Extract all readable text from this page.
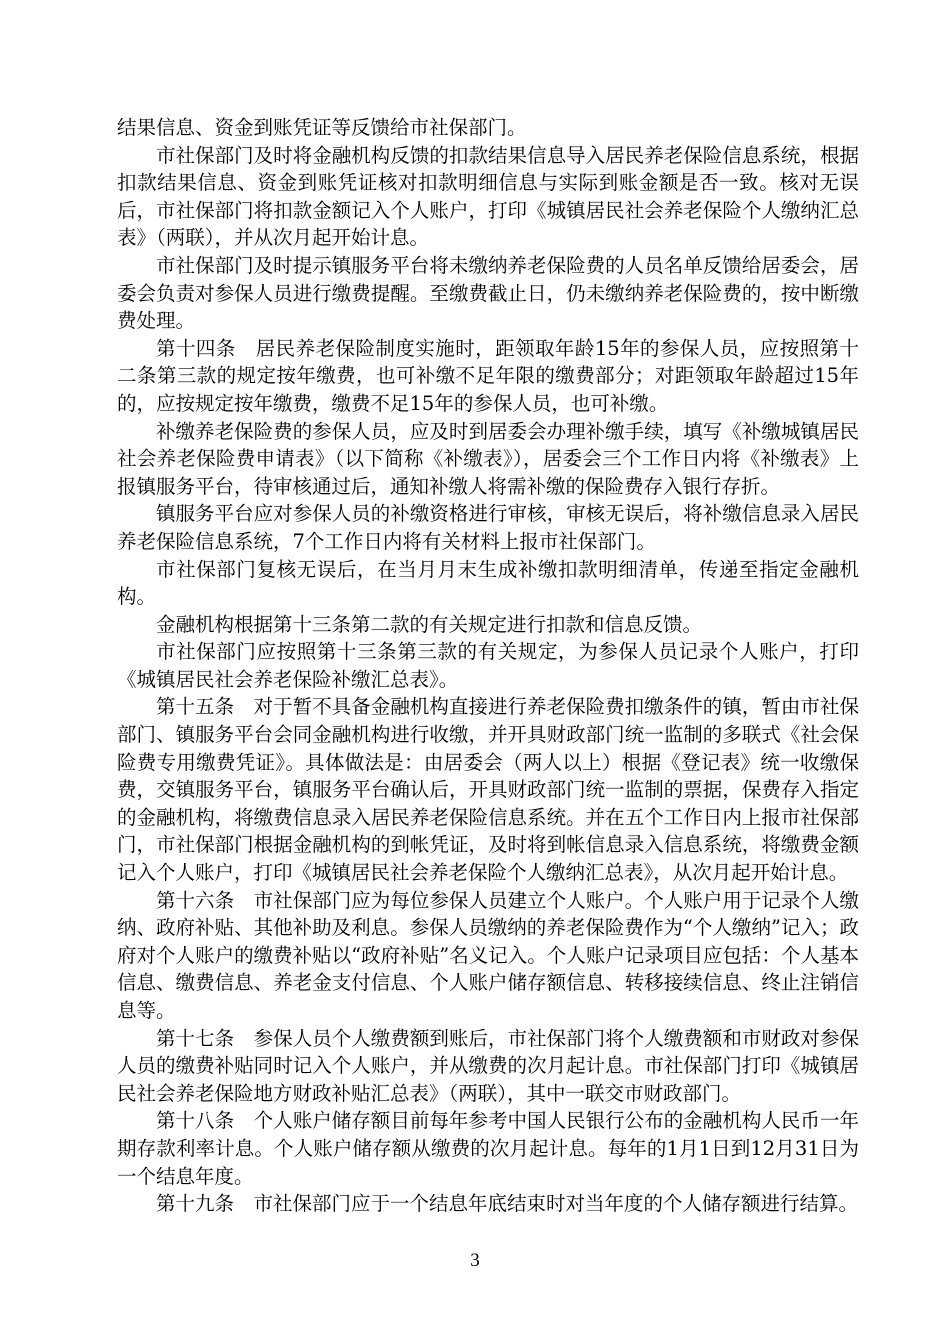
结果信息、资金到账凭证等反馈给市社保部门。

市社保部门及时将金融机构反馈的扣款结果信息导入居民养老保险信息系统，根据扣款结果信息、资金到账凭证核对扣款明细信息与实际到账金额是否一致。核对无误后，市社保部门将扣款金额记入个人账户，打印《城镇居民社会养老保险个人缴纳汇总表》（两联），并从次月起开始计息。

市社保部门及时提示镇服务平台将未缴纳养老保险费的人员名单反馈给居委会，居委会负责对参保人员进行缴费提醒。至缴费截止日，仍未缴纳养老保险费的，按中断缴费处理。

第十四条　居民养老保险制度实施时，距领取年龄15年的参保人员，应按照第十二条第三款的规定按年缴费，也可补缴不足年限的缴费部分；对距领取年龄超过15年的，应按规定按年缴费，缴费不足15年的参保人员，也可补缴。

补缴养老保险费的参保人员，应及时到居委会办理补缴手续，填写《补缴城镇居民社会养老保险费申请表》（以下简称《补缴表》），居委会三个工作日内将《补缴表》上报镇服务平台，待审核通过后，通知补缴人将需补缴的保险费存入银行存折。

镇服务平台应对参保人员的补缴资格进行审核，审核无误后，将补缴信息录入居民养老保险信息系统，7个工作日内将有关材料上报市社保部门。

市社保部门复核无误后，在当月月末生成补缴扣款明细清单，传递至指定金融机构。

金融机构根据第十三条第二款的有关规定进行扣款和信息反馈。

市社保部门应按照第十三条第三款的有关规定，为参保人员记录个人账户，打印《城镇居民社会养老保险补缴汇总表》。

第十五条　对于暂不具备金融机构直接进行养老保险费扣缴条件的镇，暂由市社保部门、镇服务平台会同金融机构进行收缴，并开具财政部门统一监制的多联式《社会保险费专用缴费凭证》。具体做法是：由居委会（两人以上）根据《登记表》统一收缴保费，交镇服务平台，镇服务平台确认后，开具财政部门统一监制的票据，保费存入指定的金融机构，将缴费信息录入居民养老保险信息系统。并在五个工作日内上报市社保部门，市社保部门根据金融机构的到帐凭证，及时将到帐信息录入信息系统，将缴费金额记入个人账户，打印《城镇居民社会养老保险个人缴纳汇总表》，从次月起开始计息。

第十六条　市社保部门应为每位参保人员建立个人账户。个人账户用于记录个人缴纳、政府补贴、其他补助及利息。参保人员缴纳的养老保险费作为“个人缴纳”记入；政府对个人账户的缴费补贴以“政府补贴”名义记入。个人账户记录项目应包括：个人基本信息、缴费信息、养老金支付信息、个人账户储存额信息、转移接续信息、终止注销信息等。

第十七条　参保人员个人缴费额到账后，市社保部门将个人缴费额和市财政对参保人员的缴费补贴同时记入个人账户，并从缴费的次月起计息。市社保部门打印《城镇居民社会养老保险地方财政补贴汇总表》（两联），其中一联交市财政部门。

第十八条　个人账户储存额目前每年参考中国人民银行公布的金融机构人民币一年期存款利率计息。个人账户储存额从缴费的次月起计息。每年的1月1日到12月31日为一个结息年度。

第十九条　市社保部门应于一个结息年底结束时对当年度的个人储存额进行结算。

3
